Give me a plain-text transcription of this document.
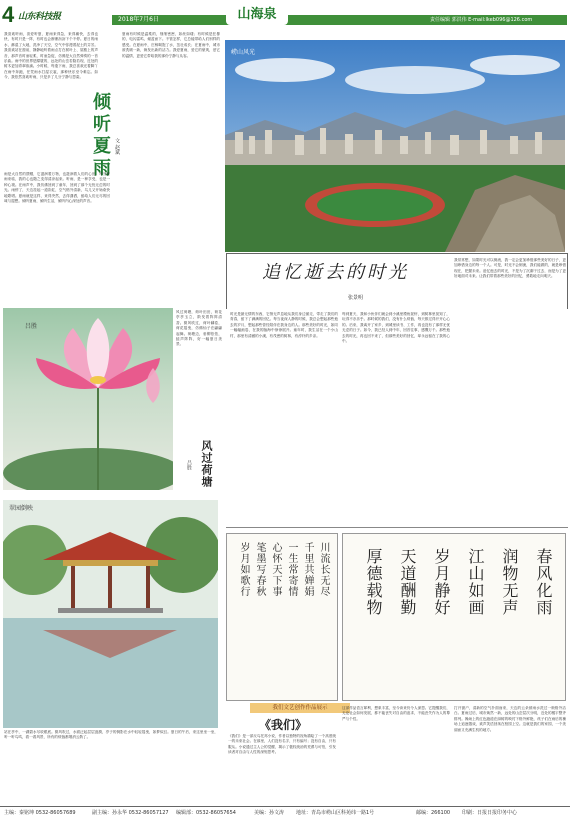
4 山东科技报	2018年7月6日	山海泉	责任编辑 郭洪伟 E-mail:lkeb096@126.com
我喜欢听雨，喜爱听夏，夏雨来得急，来得痛快，去得也快，有时只是一阵，有时也会淅淅沥沥下个不停。夏日的雨水，淋湿了大地，洗净了天空，空气中弥漫着泥土的芬芳。我喜欢站在窗前，静静地听着雨点打在树叶上、屋檐上的声音，那声音时而轻柔，时而急促，仿佛是大自然弹奏的一首乐曲。雨中的世界是朦胧的，远处的山峦若隐若现，近处的树木更加青翠欲滴。小时候，每逢下雨，我总喜欢光着脚丫在雨中奔跑，任凭雨水打湿衣裳，那种快乐至今难忘。如今，我依然喜欢听雨，只是多了几分宁静与思索。
倾听夏雨
文 赵斌
雨是大自然的馈赠，它滋润着万物，也滋润着人们的心田。每当夏雨来临，我的心也随之变得清凉起来。听雨，是一种享受，也是一种心境。在雨声中，我仿佛回到了童年，回到了那个无忧无虑的时光。雨停了，天边挂起一道彩虹，空气格外清新，鸟儿又开始欢快地歌唱。夏雨就是这样，来得突然，去得潇洒，留给人们无尽的回味与遐想。倾听夏雨，倾听生活，倾听内心深处的声音。
夏雨有时候是温柔的，细细密密，如丝如缕；有时候是狂暴的，电闪雷鸣，倾盆而下。不管怎样，它总能带给人们别样的感受。在夏雨中，庄稼喝饱了水，茁壮成长；在夏雨中，城市被洗刷一新，焕发出新的活力。我爱夏雨，爱它的豪爽，爱它的温情，更爱它带给我的那份宁静与从容。	崂山风光
追忆逝去的时光
张景明
时光是最无情的东西，它悄无声息地从我们身边溜走，带走了我们的青春，留下了满满的回忆。每当夜深人静的时候，我总会想起那些逝去的岁月，想起那些曾经陪伴在我身边的人。那些美好的时光，如同一幅幅画卷，在我的脑海中徐徐展开。童年时，我生活在一个小山村，那里有清澈的小溪，有茂密的树林，有淳朴的乡亲。
每到夏天，我和小伙伴们就会到小溪里摸鱼捉虾，到树林里捉知了，玩得不亦乐乎。那时候的我们，没有什么烦恼，每天都过得开开心心的。后来，我离开了家乡，到城里读书、工作，再也没有了那样无忧无虑的日子。如今，我已经人到中年，回首往事，感慨万千。那些逝去的时光，再也回不来了，但那些美好的回忆，却永远留在了我的心中。
我常常想，如果时光可以倒流，我一定会更加珍惜那些美好的日子，更加珍惜身边的每一个人。可是，时光不会倒流，我们能做的，就是珍惜现在，把握未来。追忆逝去的时光，不是为了沉溺于过去，而是为了更好地面对未来。让我们带着那些美好的回忆，勇敢地走向明天。
吕胜
风过荷塘
吕胜
风过荷塘，荷叶田田，荷花亭亭玉立，散发着阵阵清香。微风吹过，荷叶翻卷，荷花摇曳，仿佛仙子在翩翩起舞。荷塘边，垂柳依依，蛙声阵阵，好一幅夏日美景。
翠园倒映
站在亭中，一湖碧水尽收眼底。微风吹过，水面泛起层层涟漪，亭子的倒影在水中轻轻摇曳，如梦似幻。夏日的午后，来这里坐一坐，听一听鸟鸣，看一看风景，所有的烦恼都烟消云散了。
川流长无尽
千里共婵娟
一生常寄情
心怀天下事
笔墨写春秋
岁月如歌行	春风化雨
润物无声
江山如画
岁月静好
天道酬勤
厚德载物
我们文艺创作作品展示
《我们》
《我们》是一部反乌托邦小说，作者以独特的视角描绘了一个高度统一的未来社会。在那里，人们没有名字，只有编号；没有自由，只有服从。小说通过主人公的觉醒，揭示了极权统治的荒谬与可怕，引发读者对自由与人性的深刻思考。
这部作品语言犀利，想象丰富，至今读来仍令人深思。它提醒我们，无论社会如何发展，都不能丧失对自由的追求，不能丧失作为人的尊严与个性。
打开窗户，清新的空气扑面而来，天边的云朵被雨水洗过一般格外洁白。夏雨过后，城市焕然一新，远处的山峦层次分明，近处的楼宇整齐排列。操场上的红色跑道在绿树的映衬下格外鲜艳，孩子们在雨后的操场上追逐嬉戏，欢声笑语回荡在校园上空。这就是我们的家园，一个美丽而又充满生机的地方。
主编：秦铭坤 0532-86057689	副主编：孙永华 0532-86057127 编辑部：0532-86057654	美编：孙文涛 地址：青岛市崂山区科苑纬一路1号	邮编：266100 印刷：日报日报印务中心
